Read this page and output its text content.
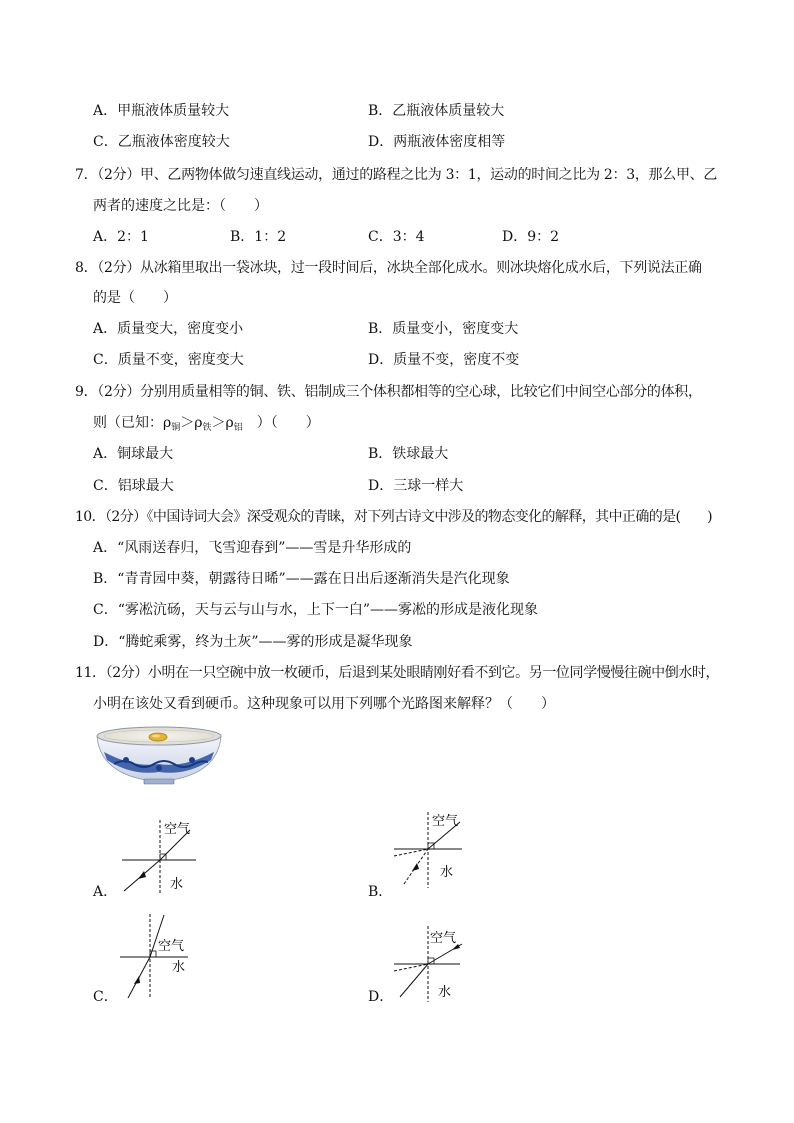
A．甲瓶液体质量较大	B．乙瓶液体质量较大
C．乙瓶液体密度较大	D．两瓶液体密度相等
7．（2分）甲、乙两物体做匀速直线运动，通过的路程之比为 3：1，运动的时间之比为 2：3，那么甲、乙
两者的速度之比是：（　　）
A．2：1	B．1：2	C．3：4	D．9：2
8．（2分）从冰箱里取出一袋冰块，过一段时间后，冰块全部化成水。则冰块熔化成水后，下列说法正确
的是（　　）
A．质量变大，密度变小	B．质量变小，密度变大
C．质量不变，密度变大	D．质量不变，密度不变
9．（2分）分别用质量相等的铜、铁、铝制成三个体积都相等的空心球，比较它们中间空心部分的体积，
则（已知：$\rho_铜>\rho_铁>\rho_铝$　）（　　）
A．铜球最大	B．铁球最大
C．铝球最大	D．三球一样大
10．（2分）《中国诗词大会》深受观众的青睐，对下列古诗文中涉及的物态变化的解释，其中正确的是(　　)
A．“风雨送春归，飞雪迎春到”——雪是升华形成的
B．“青青园中葵，朝露待日晞”——露在日出后逐渐消失是汽化现象
C．“雾凇沆砀，天与云与山与水，上下一白”——雾凇的形成是液化现象
D．“腾蛇乘雾，终为土灰”——雾的形成是凝华现象
11．（2分）小明在一只空碗中放一枚硬币，后退到某处眼睛刚好看不到它。另一位同学慢慢往碗中倒水时，
小明在该处又看到硬币。这种现象可以用下列哪个光路图来解释？（　　）
空气
水
A．
空气
水
B．
空气
水
C．
空气
水
D．
